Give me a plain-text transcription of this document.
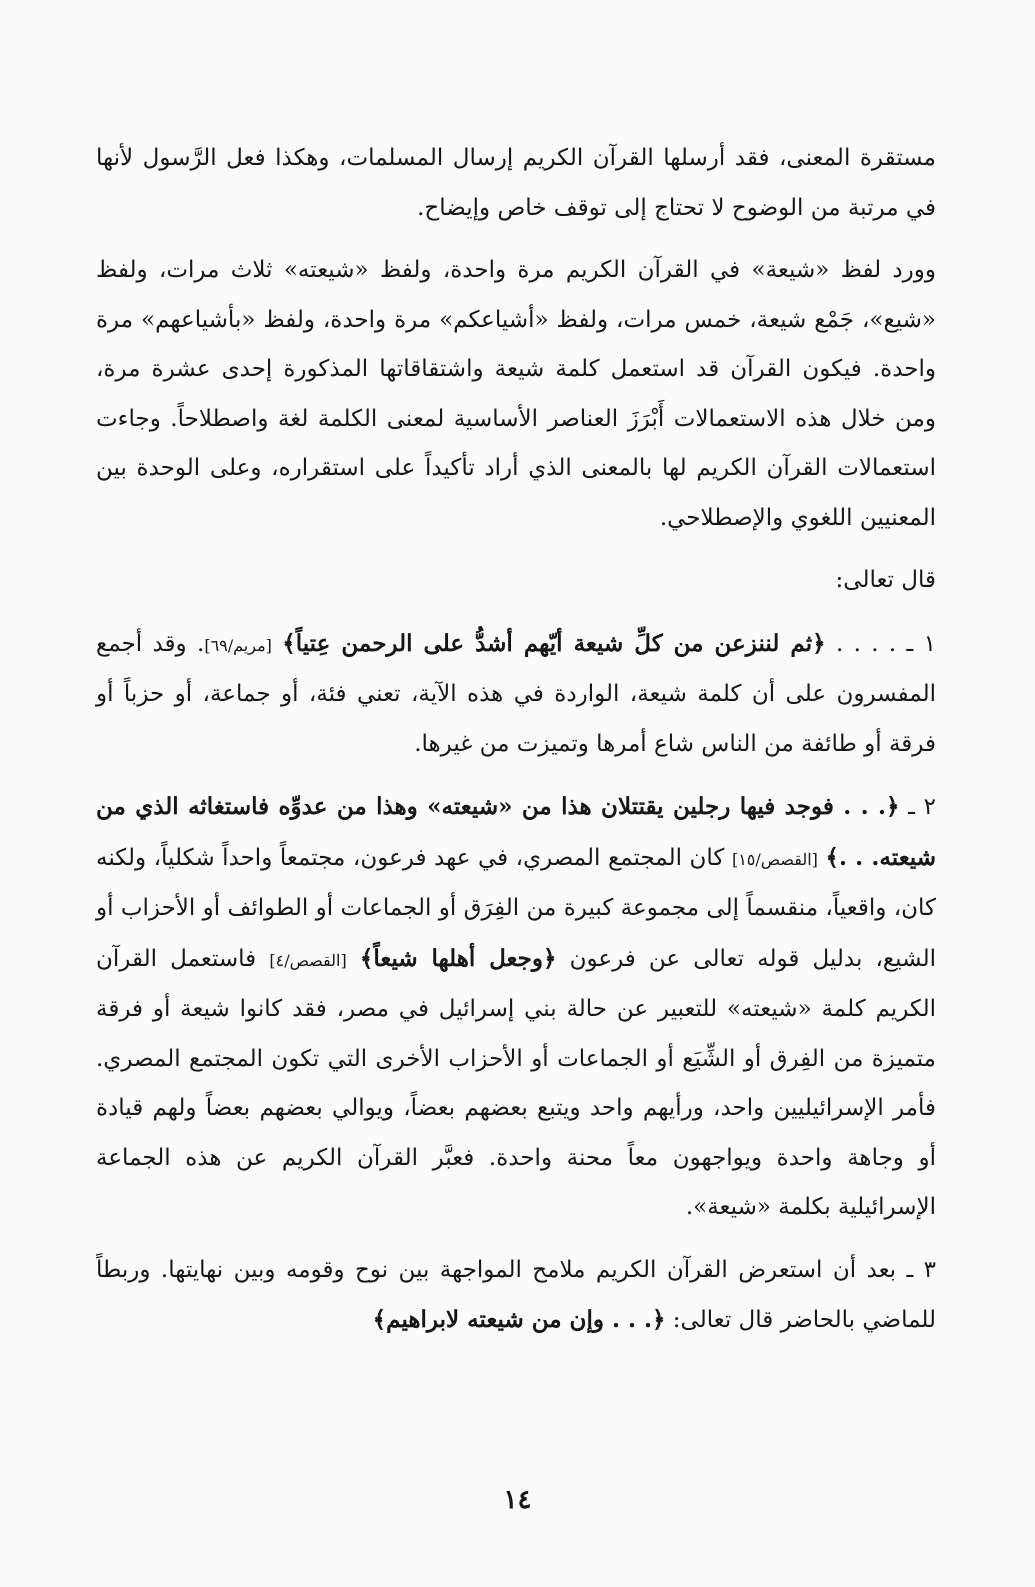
مستقرة المعنى، فقد أرسلها القرآن الكريم إرسال المسلمات، وهكذا فعل الرَّسول لأنها في مرتبة من الوضوح لا تحتاج إلى توقف خاص وإيضاح.

وورد لفظ «شيعة» في القرآن الكريم مرة واحدة، ولفظ «شيعته» ثلاث مرات، ولفظ «شيع»، جَمْع شيعة، خمس مرات، ولفظ «أشياعكم» مرة واحدة، ولفظ «بأشياعهم» مرة واحدة. فيكون القرآن قد استعمل كلمة شيعة واشتقاقاتها المذكورة إحدى عشرة مرة، ومن خلال هذه الاستعمالات أَبْرَزَ العناصر الأساسية لمعنى الكلمة لغة واصطلاحاً. وجاءت استعمالات القرآن الكريم لها بالمعنى الذي أراد تأكيداً على استقراره، وعلى الوحدة بين المعنيين اللغوي والإصطلاحي.

قال تعالى:

١ ـ . . . . ﴿ثم لننزعن من كلِّ شيعة أيّهم أشدُّ على الرحمن عِتياً﴾ [مريم/٦٩]. وقد أجمع المفسرون على أن كلمة شيعة، الواردة في هذه الآية، تعني فئة، أو جماعة، أو حزباً أو فرقة أو طائفة من الناس شاع أمرها وتميزت من غيرها.

٢ ـ ﴿. . . فوجد فيها رجلين يقتتلان هذا من «شيعته» وهذا من عدوِّه فاستغاثه الذي من شيعته. . .﴾ [القصص/١٥] كان المجتمع المصري، في عهد فرعون، مجتمعاً واحداً شكلياً، ولكنه كان، واقعياً، منقسماً إلى مجموعة كبيرة من الفِرَق أو الجماعات أو الطوائف أو الأحزاب أو الشيع، بدليل قوله تعالى عن فرعون ﴿وجعل أهلها شيعاً﴾ [القصص/٤] فاستعمل القرآن الكريم كلمة «شيعته» للتعبير عن حالة بني إسرائيل في مصر، فقد كانوا شيعة أو فرقة متميزة من الفِرق أو الشِّيَع أو الجماعات أو الأحزاب الأخرى التي تكون المجتمع المصري. فأمر الإسرائيليين واحد، ورأيهم واحد ويتبع بعضهم بعضاً، ويوالي بعضهم بعضاً ولهم قيادة أو وجاهة واحدة ويواجهون معاً محنة واحدة. فعبَّر القرآن الكريم عن هذه الجماعة الإسرائيلية بكلمة «شيعة».

٣ ـ بعد أن استعرض القرآن الكريم ملامح المواجهة بين نوح وقومه وبين نهايتها. وربطاً للماضي بالحاضر قال تعالى: ﴿. . . وإن من شيعته لابراهيم﴾

١٤
